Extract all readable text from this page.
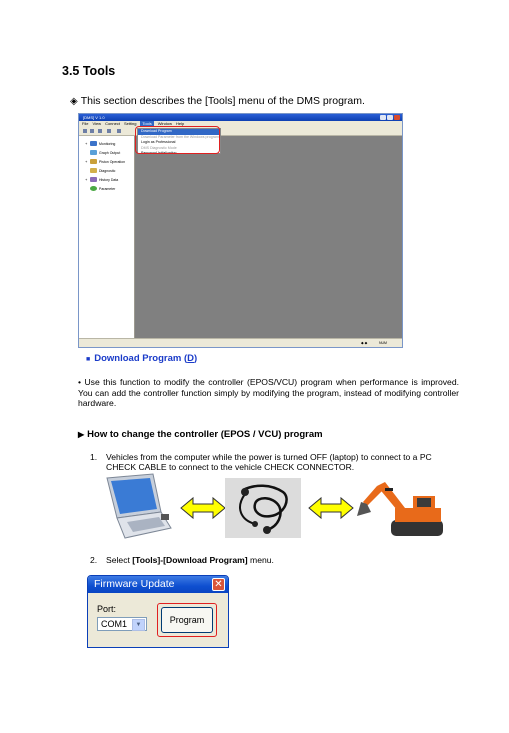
3.5 Tools
◈ This section describes the [Tools] menu of the DMS program.
[DMS] V 1.0
File View Connect Setting	Tools	Window Help
+	Monitoring
Graph Output
+	Piston Operation
Diagnostic
+	History Data
Parameter
Download Program
Download Parameter from the Windows program
Login as Professional
DMS Diagnostic Mode
Password Initialization
◆ ◆	NUM
■ Download Program (D)
• Use this function to modify the controller (EPOS/VCU) program when performance is improved. You can add the controller function simply by modifying the program, instead of modifying controller hardware.
▶ How to change the controller (EPOS / VCU) program
1. Vehicles from the computer while the power is turned OFF (laptop) to connect to a PC CHECK CABLE to connect to the vehicle CHECK CONNECTOR.
2. Select [Tools]-[Download Program] menu.
Firmware Update	✕
Port:
COM1	▼	Program
